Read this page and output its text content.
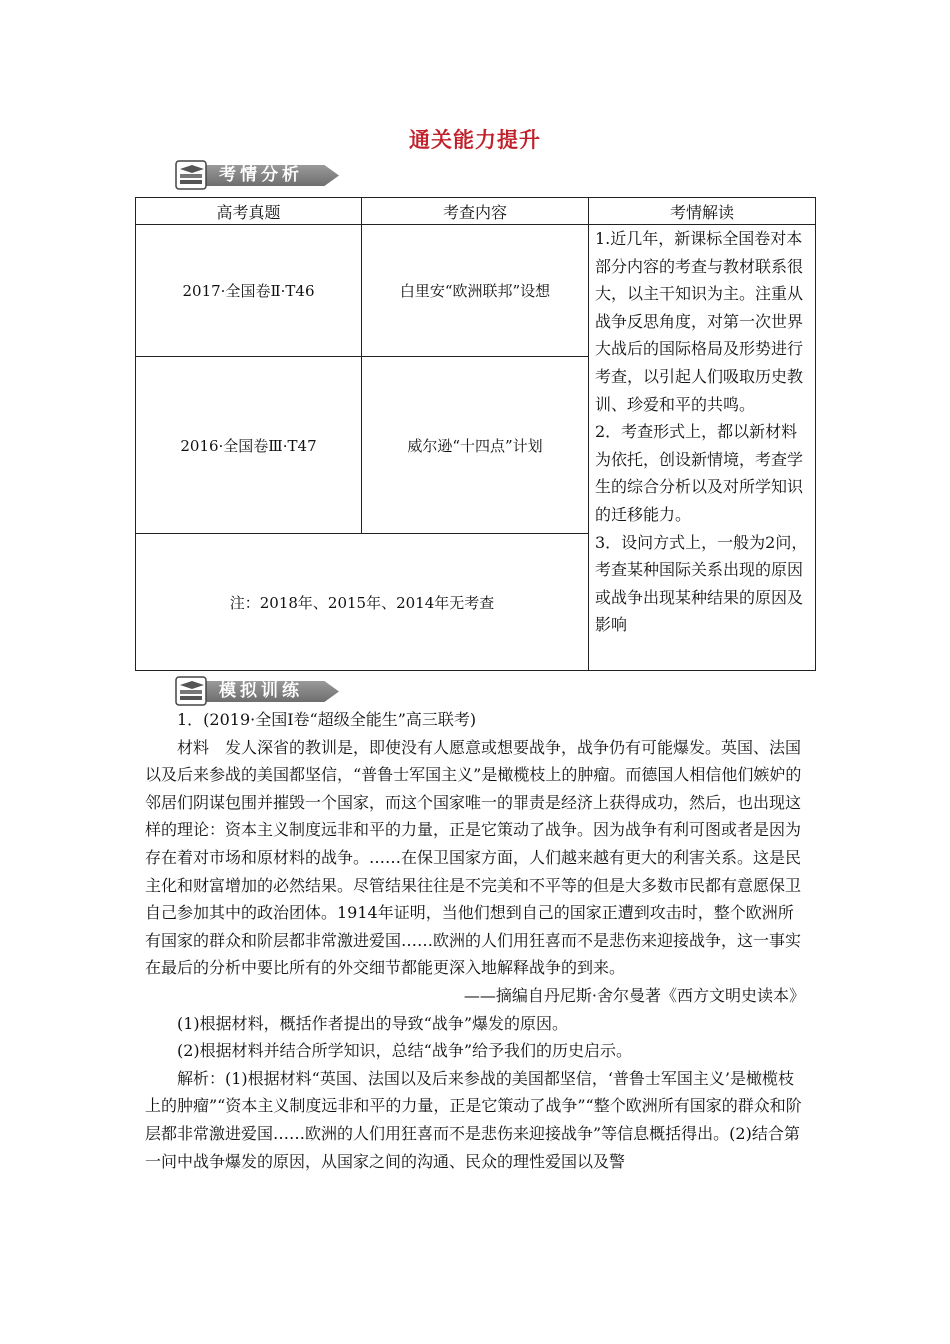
通关能力提升
考情分析
高考真题	考查内容	考情解读
2017·全国卷Ⅱ·T46	白里安“欧洲联邦”设想	1.近几年，新课标全国卷对本部分内容的考查与教材联系很大，以主干知识为主。注重从战争反思角度，对第一次世界大战后的国际格局及形势进行考查，以引起人们吸取历史教训、珍爱和平的共鸣。

2．考查形式上，都以新材料为依托，创设新情境，考查学生的综合分析以及对所学知识的迁移能力。

3．设问方式上，一般为2问，考查某种国际关系出现的原因或战争出现某种结果的原因及影响

2016·全国卷Ⅲ·T47	威尔逊“十四点”计划	
注：2018年、2015年、2014年无考查		
模拟训练

1．(2019·全国Ⅰ卷“超级全能生”高三联考)

材料　发人深省的教训是，即使没有人愿意或想要战争，战争仍有可能爆发。英国、法国以及后来参战的美国都坚信，“普鲁士军国主义”是橄榄枝上的肿瘤。而德国人相信他们嫉妒的邻居们阴谋包围并摧毁一个国家，而这个国家唯一的罪责是经济上获得成功，然后，也出现这样的理论：资本主义制度远非和平的力量，正是它策动了战争。因为战争有利可图或者是因为存在着对市场和原材料的战争。……在保卫国家方面，人们越来越有更大的利害关系。这是民主化和财富增加的必然结果。尽管结果往往是不完美和不平等的但是大多数市民都有意愿保卫自己参加其中的政治团体。1914年证明，当他们想到自己的国家正遭到攻击时，整个欧洲所有国家的群众和阶层都非常激进爱国……欧洲的人们用狂喜而不是悲伤来迎接战争，这一事实在最后的分析中要比所有的外交细节都能更深入地解释战争的到来。

——摘编自丹尼斯·舍尔曼著《西方文明史读本》

(1)根据材料，概括作者提出的导致“战争”爆发的原因。

(2)根据材料并结合所学知识，总结“战争”给予我们的历史启示。

解析：(1)根据材料“英国、法国以及后来参战的美国都坚信，‘普鲁士军国主义’是橄榄枝上的肿瘤”“资本主义制度远非和平的力量，正是它策动了战争”“整个欧洲所有国家的群众和阶层都非常激进爱国……欧洲的人们用狂喜而不是悲伤来迎接战争”等信息概括得出。(2)结合第一问中战争爆发的原因，从国家之间的沟通、民众的理性爱国以及警
